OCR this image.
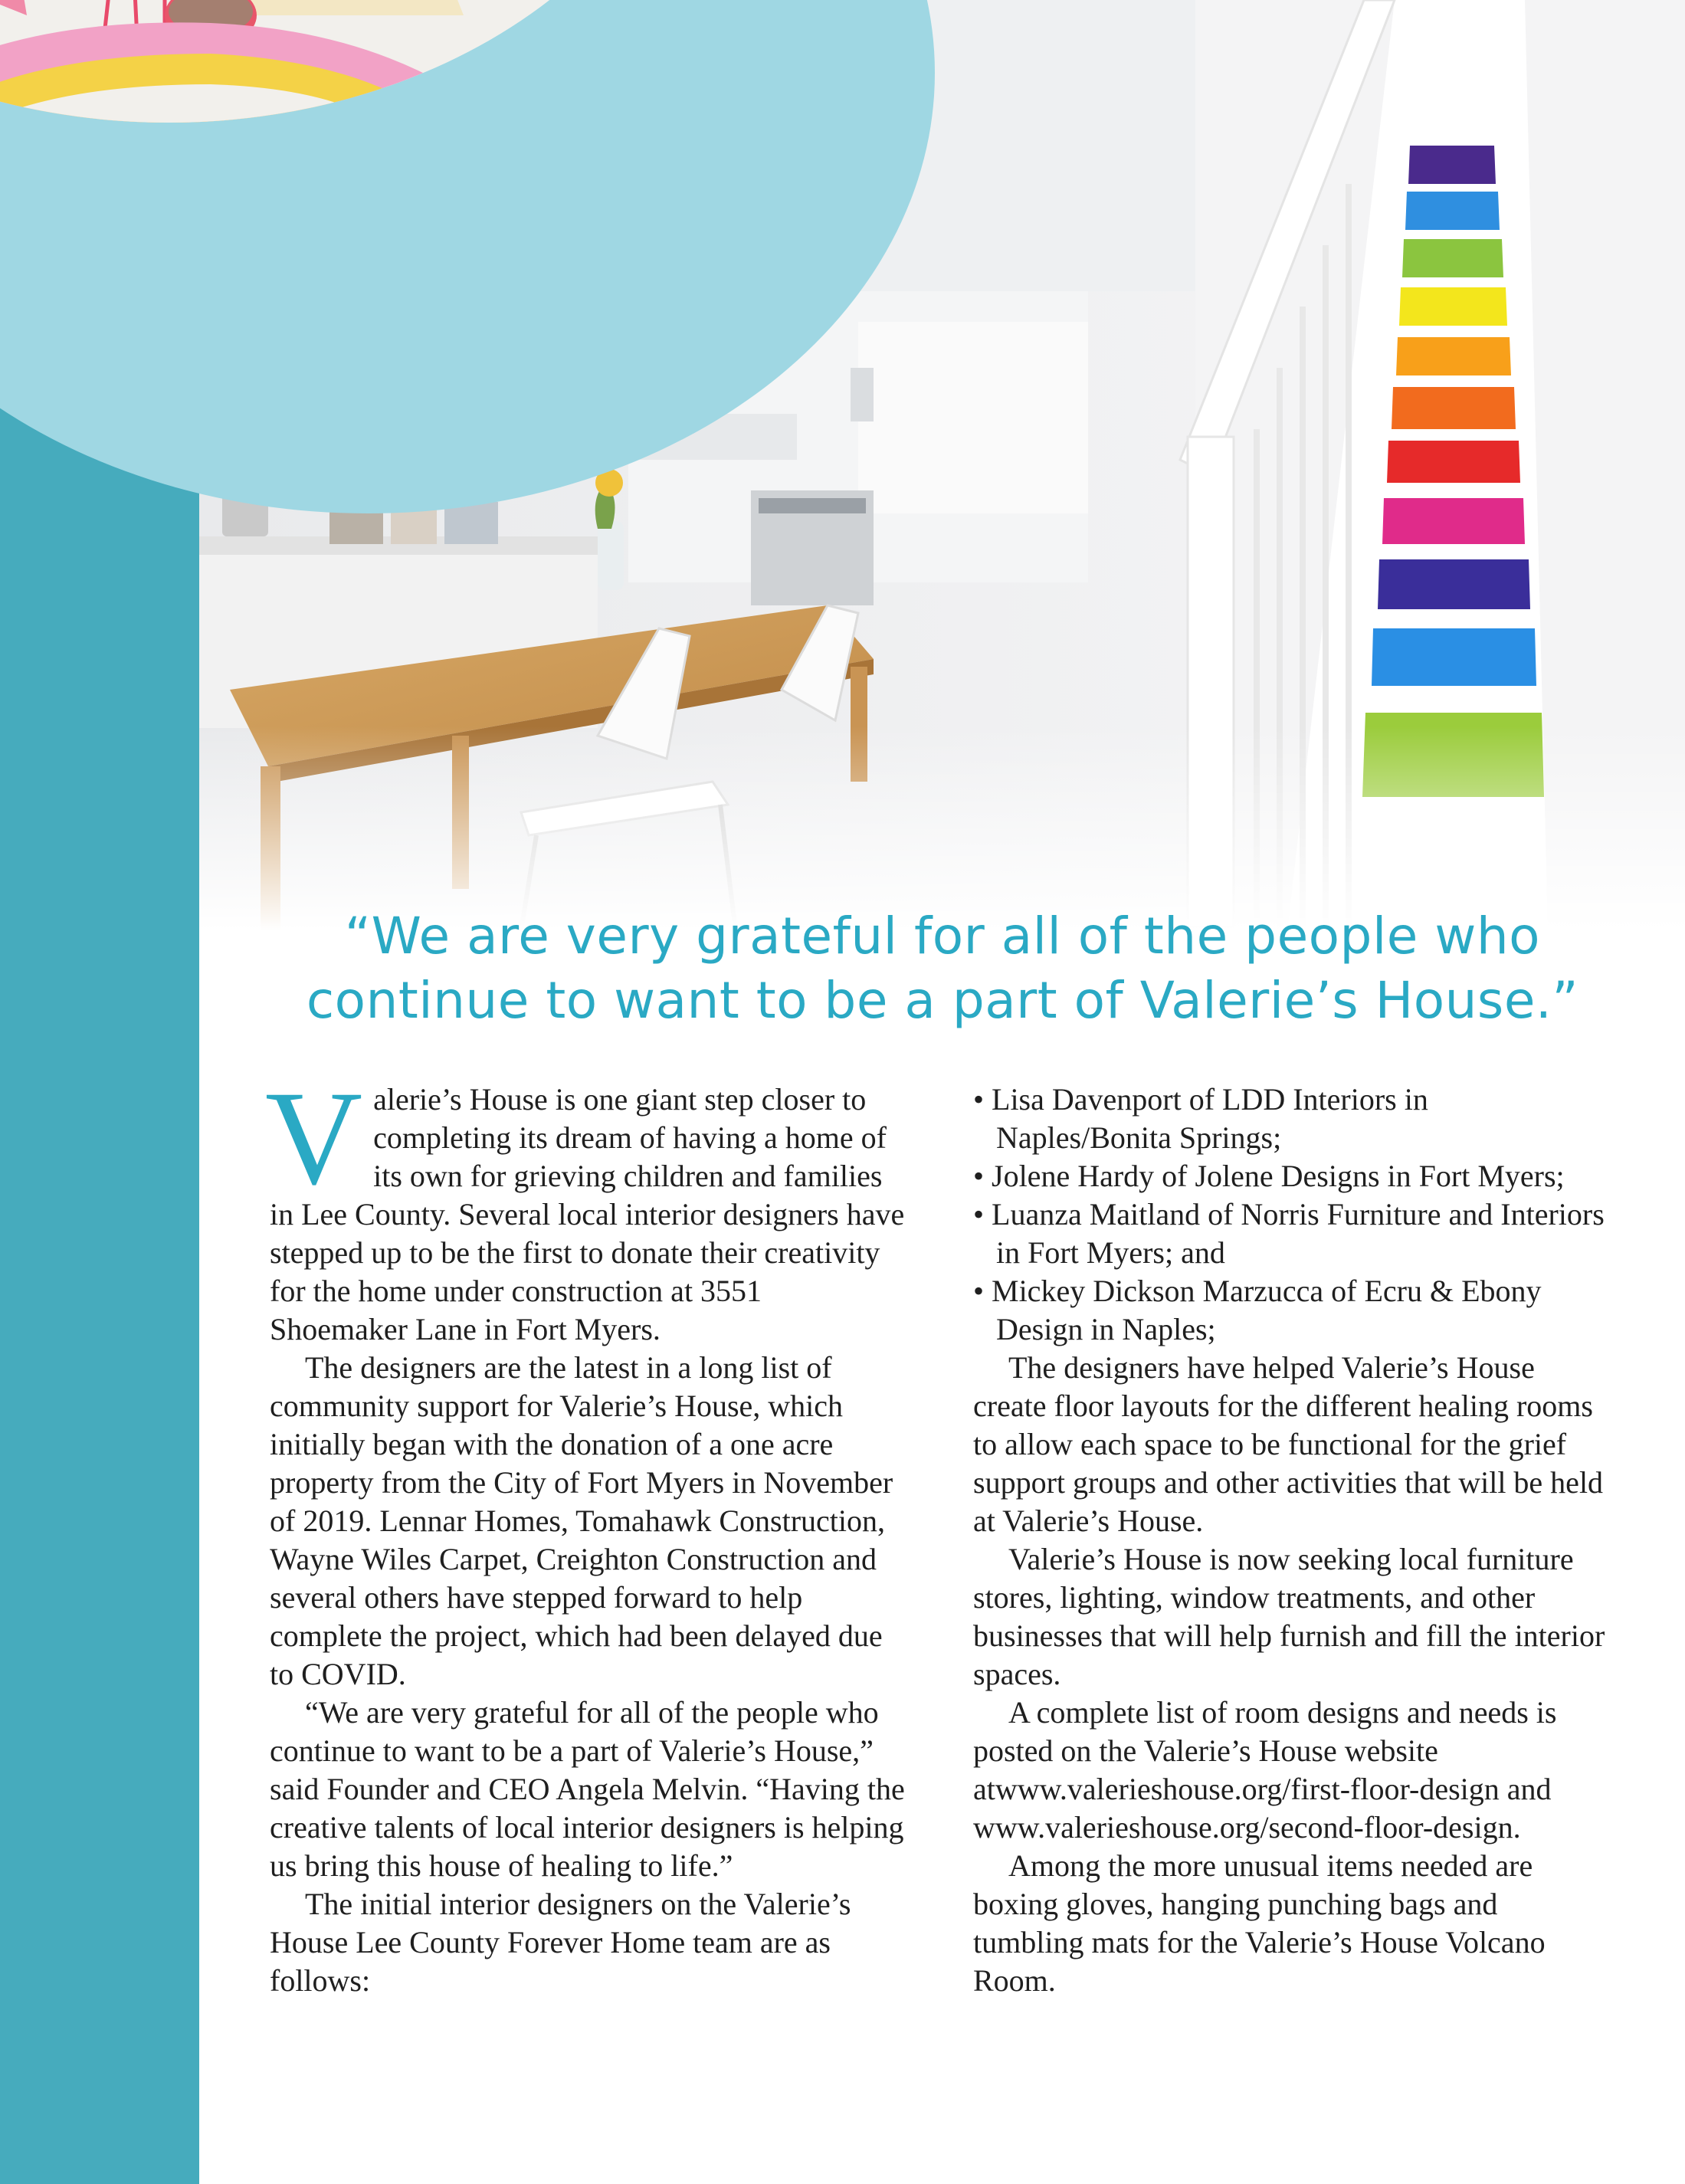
“We are very grateful for all of the people who
continue to want to be a part of Valerie’s House.”

Valerie’s House is one giant step closer to completing its dream of having a home of its own for grieving children and families in Lee County. Several local interior designers have stepped up to be the first to donate their creativity for the home under construction at 3551 Shoemaker Lane in Fort Myers.

The designers are the latest in a long list of community support for Valerie’s House, which initially began with the donation of a one acre property from the City of Fort Myers in November of 2019. Lennar Homes, Tomahawk Construction, Wayne Wiles Carpet, Creighton Construction and several others have stepped forward to help complete the project, which had been delayed due to COVID.

“We are very grateful for all of the people who continue to want to be a part of Valerie’s House,” said Founder and CEO Angela Melvin. “Having the creative talents of local interior designers is helping us bring this house of healing to life.”

The initial interior designers on the Valerie’s House Lee County Forever Home team are as follows:

• Lisa Davenport of LDD Interiors in Naples/Bonita Springs;
• Jolene Hardy of Jolene Designs in Fort Myers;
• Luanza Maitland of Norris Furniture and Interiors in Fort Myers; and
• Mickey Dickson Marzucca of Ecru & Ebony Design in Naples;

The designers have helped Valerie’s House create floor layouts for the different healing rooms to allow each space to be functional for the grief support groups and other activities that will be held at Valerie’s House.

Valerie’s House is now seeking local furniture stores, lighting, window treatments, and other businesses that will help furnish and fill the interior spaces.

A complete list of room designs and needs is posted on the Valerie’s House website atwww.valerieshouse.org/first-floor-design and www.valerieshouse.org/second-floor-design.

Among the more unusual items needed are boxing gloves, hanging punching bags and tumbling mats for the Valerie’s House Volcano Room.
